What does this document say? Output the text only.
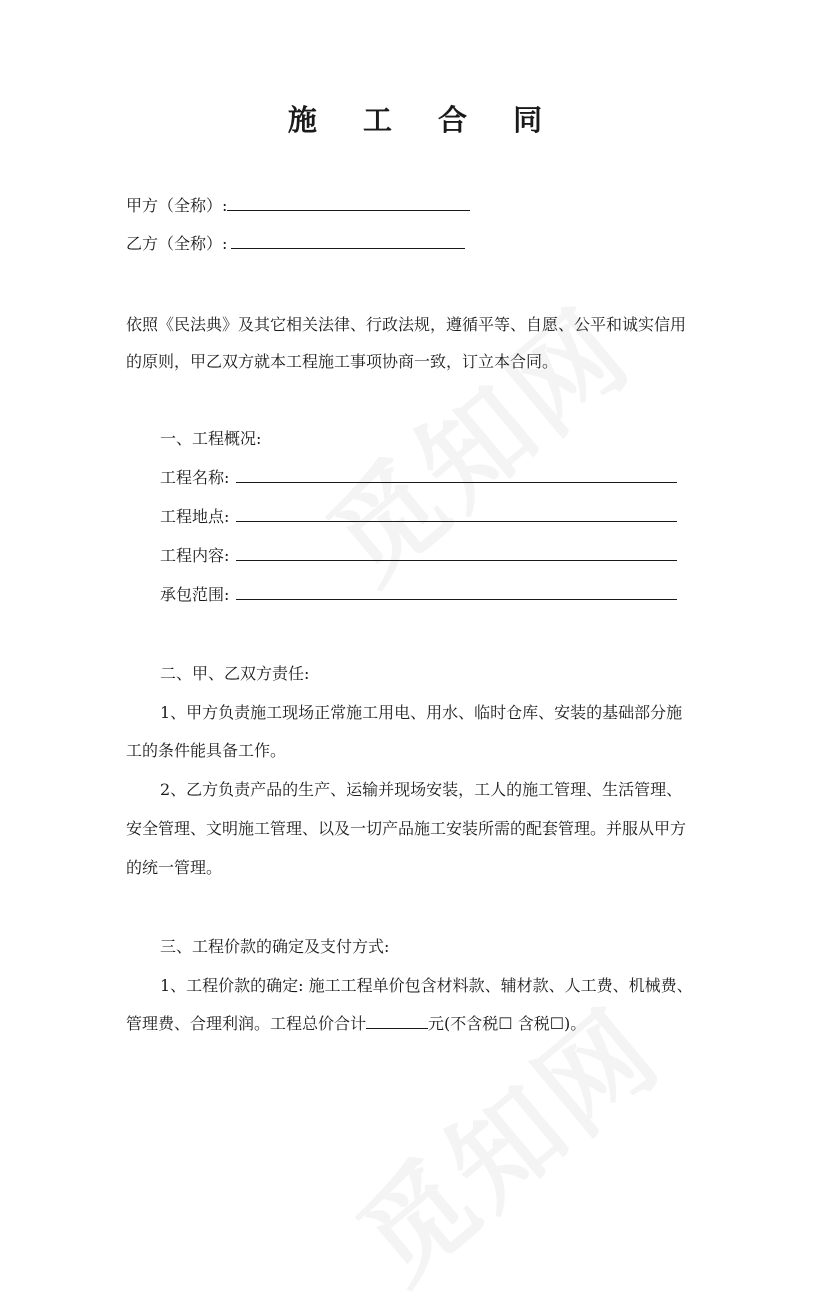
施 工 合 同
甲方（全称）:
乙方（全称）:
依照《民法典》及其它相关法律、行政法规，遵循平等、自愿、公平和诚实信用
的原则，甲乙双方就本工程施工事项协商一致，订立本合同。
一、工程概况:
工程名称:
工程地点:
工程内容:
承包范围:
二、甲、乙双方责任:
1、甲方负责施工现场正常施工用电、用水、临时仓库、安装的基础部分施
工的条件能具备工作。
2、乙方负责产品的生产、运输并现场安装，工人的施工管理、生活管理、
安全管理、文明施工管理、以及一切产品施工安装所需的配套管理。并服从甲方
的统一管理。
三、工程价款的确定及支付方式:
1、工程价款的确定: 施工工程单价包含材料款、辅材款、人工费、机械费、
管理费、合理利润。工程总价合计	元(不含税☐ 含税☐)。
